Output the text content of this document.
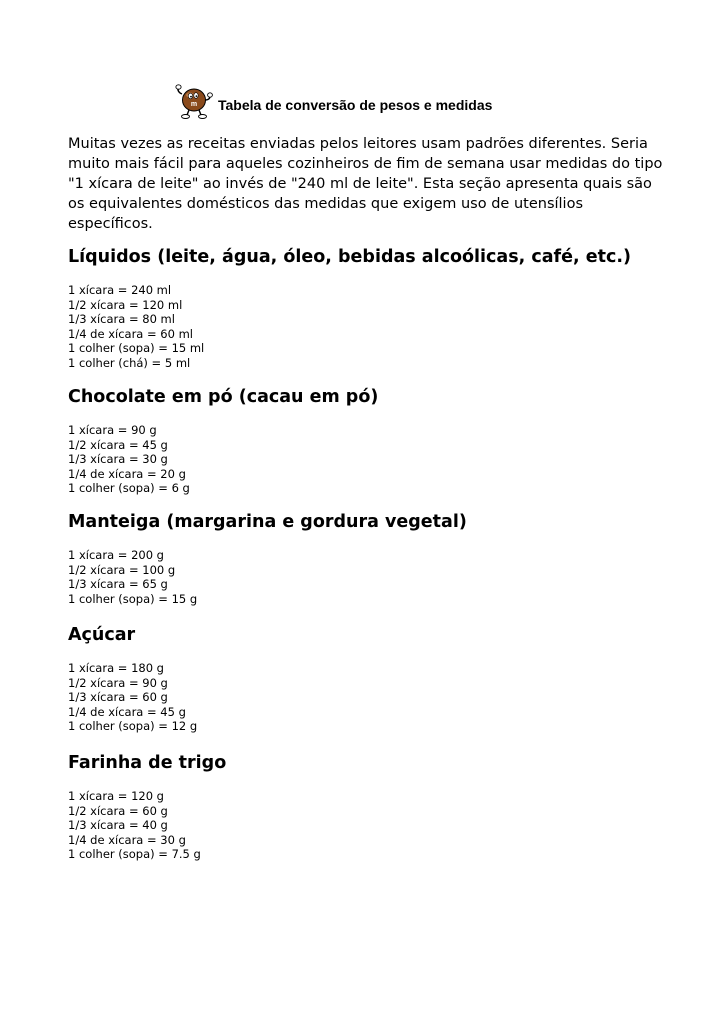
m Tabela de conversão de pesos e medidas

Muitas vezes as receitas enviadas pelos leitores usam padrões diferentes. Seria muito mais fácil para aqueles cozinheiros de fim de semana usar medidas do tipo "1 xícara de leite" ao invés de "240 ml de leite". Esta seção apresenta quais são os equivalentes domésticos das medidas que exigem uso de utensílios específicos.

Líquidos (leite, água, óleo, bebidas alcoólicas, café, etc.)
1 xícara = 240 ml
1/2 xícara = 120 ml
1/3 xícara = 80 ml
1/4 de xícara = 60 ml
1 colher (sopa) = 15 ml
1 colher (chá) = 5 ml
Chocolate em pó (cacau em pó)
1 xícara = 90 g
1/2 xícara = 45 g
1/3 xícara = 30 g
1/4 de xícara = 20 g
1 colher (sopa) = 6 g
Manteiga (margarina e gordura vegetal)
1 xícara = 200 g
1/2 xícara = 100 g
1/3 xícara = 65 g
1 colher (sopa) = 15 g
Açúcar
1 xícara = 180 g
1/2 xícara = 90 g
1/3 xícara = 60 g
1/4 de xícara = 45 g
1 colher (sopa) = 12 g
Farinha de trigo
1 xícara = 120 g
1/2 xícara = 60 g
1/3 xícara = 40 g
1/4 de xícara = 30 g
1 colher (sopa) = 7.5 g
